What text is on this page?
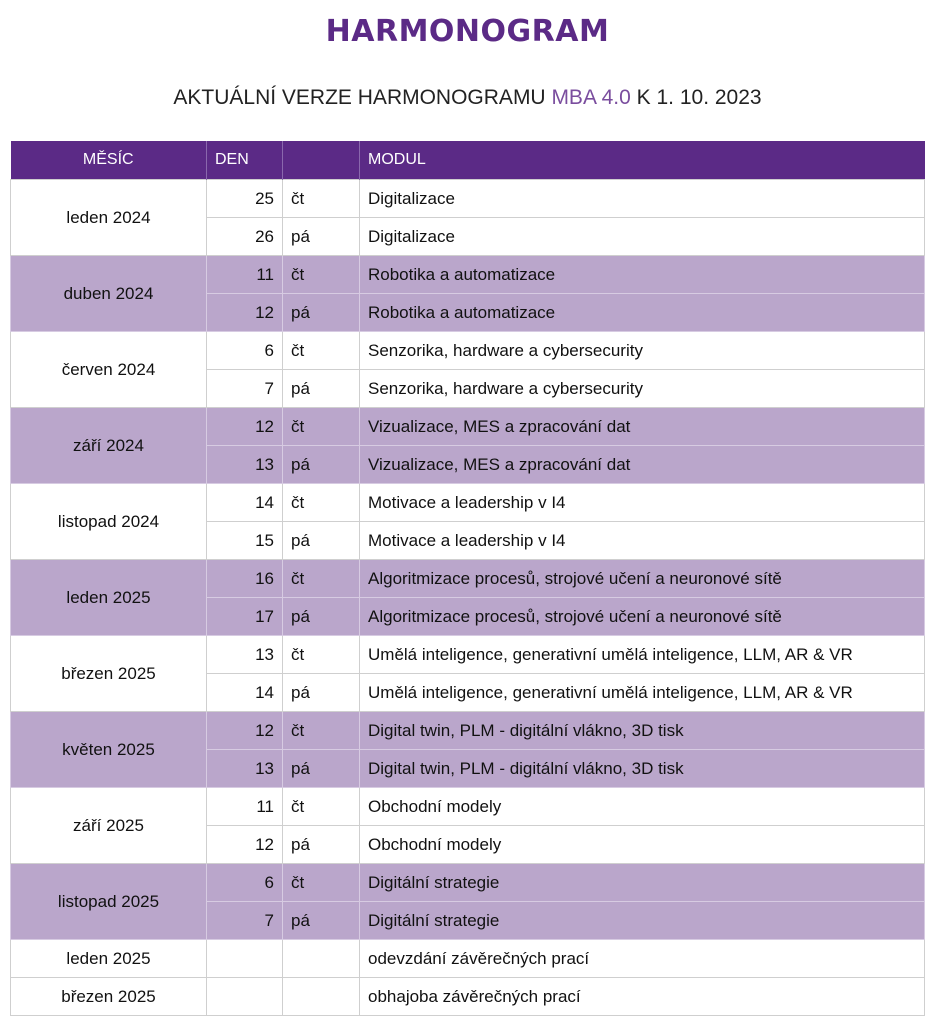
HARMONOGRAM
AKTUÁLNÍ VERZE HARMONOGRAMU MBA 4.0 K 1. 10. 2023
MĚSÍC	DEN		MODUL
leden 2024	25	čt	Digitalizace
	26	pá	Digitalizace
duben 2024	11	čt	Robotika a automatizace
	12	pá	Robotika a automatizace
červen 2024	6	čt	Senzorika, hardware a cybersecurity
	7	pá	Senzorika, hardware a cybersecurity
září 2024	12	čt	Vizualizace, MES a zpracování dat
	13	pá	Vizualizace, MES a zpracování dat
listopad 2024	14	čt	Motivace a leadership v I4
	15	pá	Motivace a leadership v I4
leden 2025	16	čt	Algoritmizace procesů, strojové učení a neuronové sítě
	17	pá	Algoritmizace procesů, strojové učení a neuronové sítě
březen 2025	13	čt	Umělá inteligence, generativní umělá inteligence, LLM, AR & VR
	14	pá	Umělá inteligence, generativní umělá inteligence, LLM, AR & VR
květen 2025	12	čt	Digital twin, PLM - digitální vlákno, 3D tisk
	13	pá	Digital twin, PLM - digitální vlákno, 3D tisk
září 2025	11	čt	Obchodní modely
	12	pá	Obchodní modely
listopad 2025	6	čt	Digitální strategie
	7	pá	Digitální strategie
leden 2025			odevzdání závěrečných prací
březen 2025			obhajoba závěrečných prací
